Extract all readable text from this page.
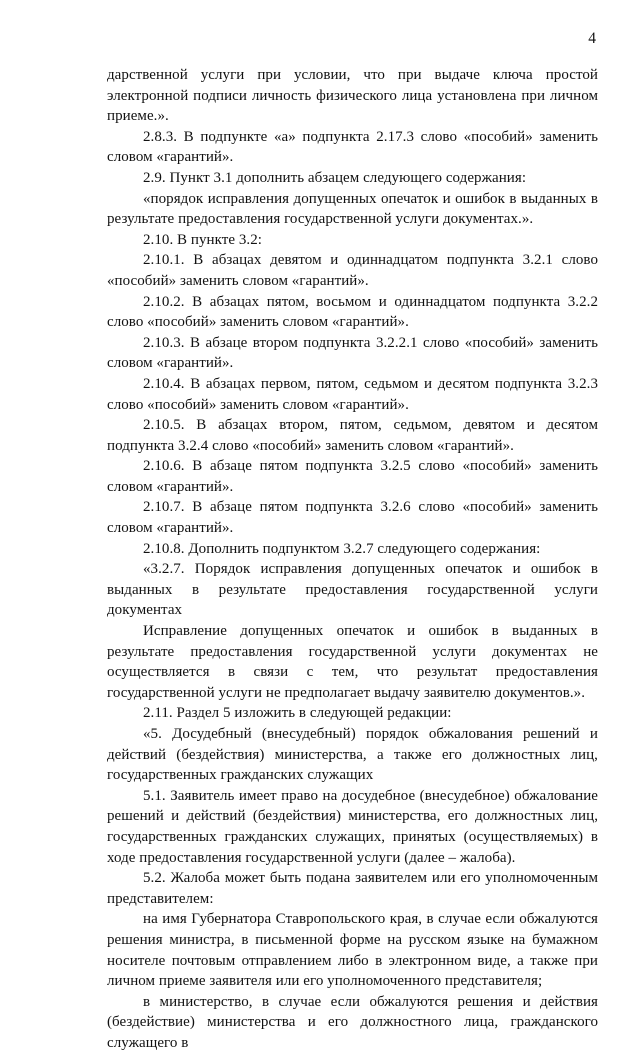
4

дарственной услуги при условии, что при выдаче ключа простой электронной подписи личность физического лица установлена при личном приеме.».

2.8.3. В подпункте «а» подпункта 2.17.3 слово «пособий» заменить словом «гарантий».

2.9. Пункт 3.1 дополнить абзацем следующего содержания:

«порядок исправления допущенных опечаток и ошибок в выданных в результате предоставления государственной услуги документах.».

2.10. В пункте 3.2:

2.10.1. В абзацах девятом и одиннадцатом подпункта 3.2.1 слово «пособий» заменить словом «гарантий».

2.10.2. В абзацах пятом, восьмом и одиннадцатом подпункта 3.2.2 слово «пособий» заменить словом «гарантий».

2.10.3. В абзаце втором подпункта 3.2.2.1 слово «пособий» заменить словом «гарантий».

2.10.4. В абзацах первом, пятом, седьмом и десятом подпункта 3.2.3 слово «пособий» заменить словом «гарантий».

2.10.5. В абзацах втором, пятом, седьмом, девятом и десятом подпункта 3.2.4 слово «пособий» заменить словом «гарантий».

2.10.6. В абзаце пятом подпункта 3.2.5 слово «пособий» заменить словом «гарантий».

2.10.7. В абзаце пятом подпункта 3.2.6 слово «пособий» заменить словом «гарантий».

2.10.8. Дополнить подпунктом 3.2.7 следующего содержания:

«3.2.7. Порядок исправления допущенных опечаток и ошибок в выданных в результате предоставления государственной услуги документах

Исправление допущенных опечаток и ошибок в выданных в результате предоставления государственной услуги документах не осуществляется в связи с тем, что результат предоставления государственной услуги не предполагает выдачу заявителю документов.».

2.11. Раздел 5 изложить в следующей редакции:

«5. Досудебный (внесудебный) порядок обжалования решений и действий (бездействия) министерства, а также его должностных лиц, государственных гражданских служащих

5.1. Заявитель имеет право на досудебное (внесудебное) обжалование решений и действий (бездействия) министерства, его должностных лиц, государственных гражданских служащих, принятых (осуществляемых) в ходе предоставления государственной услуги (далее – жалоба).

5.2. Жалоба может быть подана заявителем или его уполномоченным представителем:

на имя Губернатора Ставропольского края, в случае если обжалуются решения министра, в письменной форме на русском языке на бумажном носителе почтовым отправлением либо в электронном виде, а также при личном приеме заявителя или его уполномоченного представителя;

в министерство, в случае если обжалуются решения и действия (бездействие) министерства и его должностного лица, гражданского служащего в
